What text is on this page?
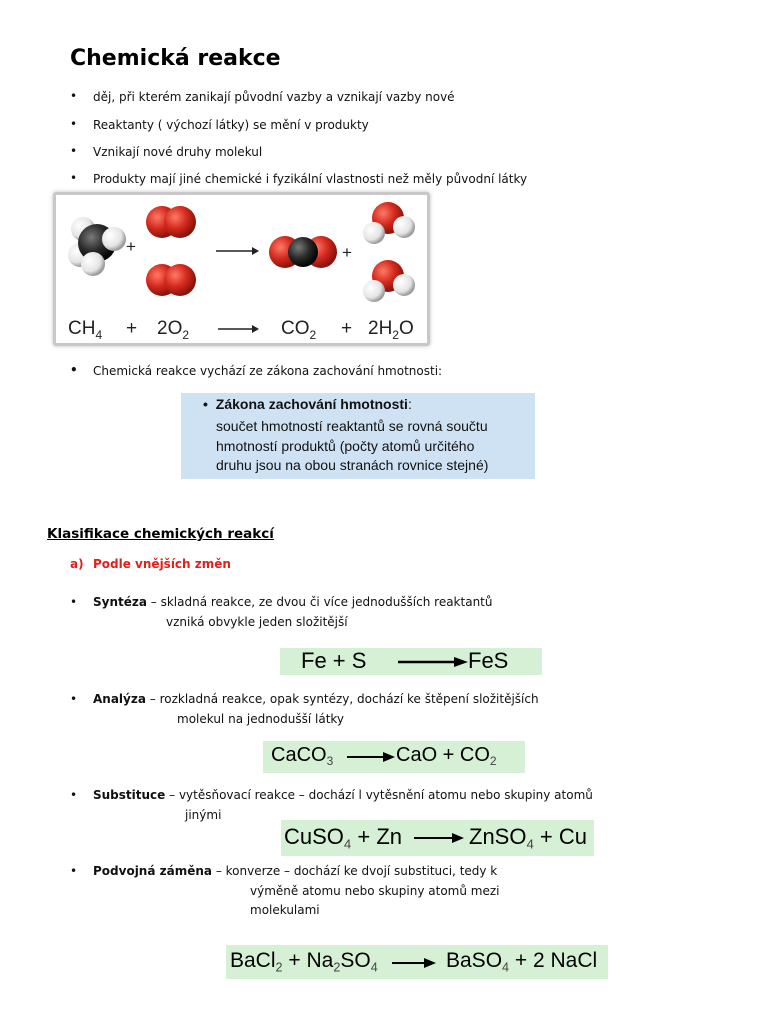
Chemická reakce
• děj, při kterém zanikají původní vazby a vznikají vazby nové
• Reaktanty ( výchozí látky) se mění v produkty
• Vznikají nové druhy molekul
• Produkty mají jiné chemické i fyzikální vlastnosti než měly původní látky
+	+
$CH_4 + 2O_2$	$CO_2 + 2H_2O$
• Chemická reakce vychází ze zákona zachování hmotnosti:
• Zákona zachování hmotnosti:
součet hmotností reaktantů se rovná součtu
hmotností produktů (počty atomů určitého
druhu jsou na obou stranách rovnice stejné)
Klasifikace chemických reakcí
a) Podle vnějších změn
• Syntéza – skladná reakce, ze dvou či více jednodušších reaktantů
vzniká obvykle jeden složitější
Fe + S	FeS
• Analýza – rozkladná reakce, opak syntézy, dochází ke štěpení složitějších
molekul na jednodušší látky
CaCO$_3$ → CaO + $CO_2$
• Substituce – vytěsňovací reakce – dochází l vytěsnění atomu nebo skupiny atomů
jinými
CuSO$_4$ + Zn → ZnSO$_4$ + Cu
• Podvojná záměna – konverze – dochází ke dvojí substituci, tedy k
výměně atomu nebo skupiny atomů mezi
molekulami
BaCl$_2$ + $Na_2SO_4$ → BaSO$_4$ + 2 NaCl
